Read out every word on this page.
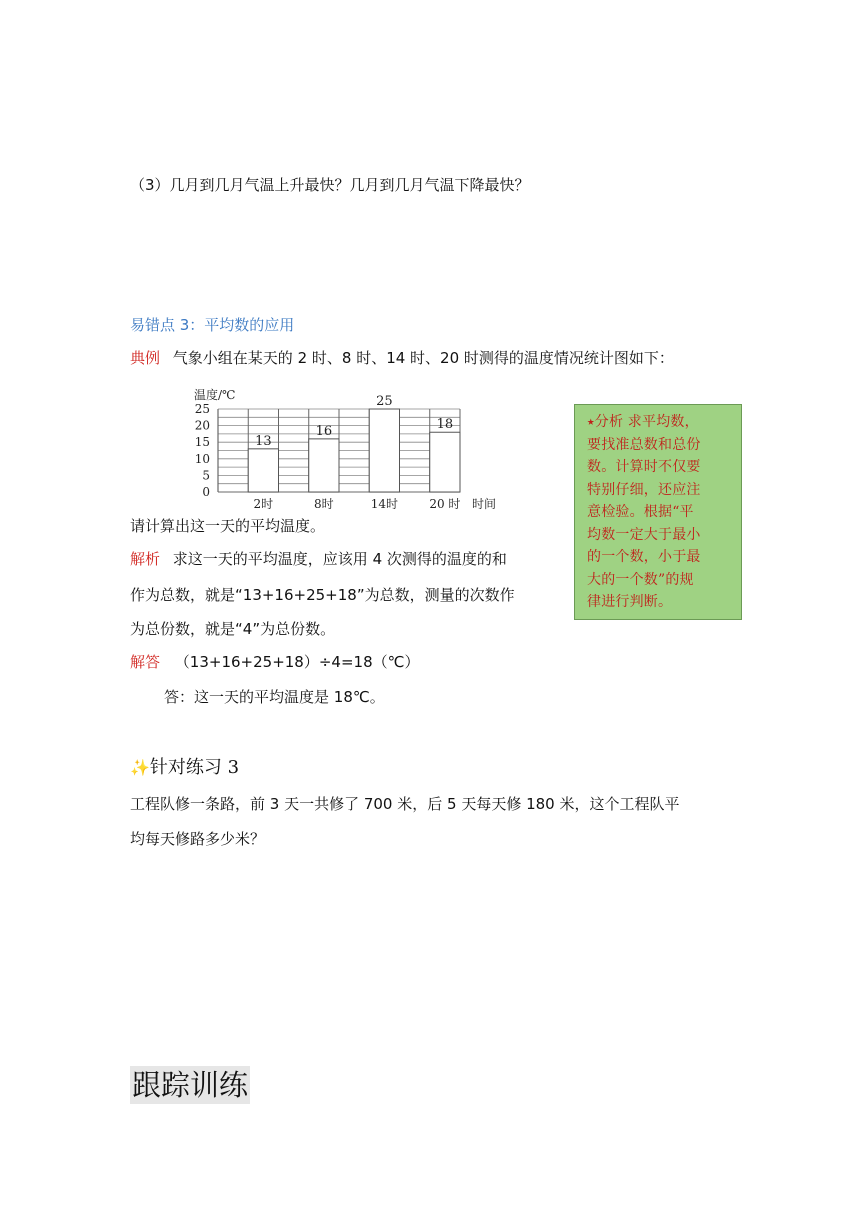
（3）几月到几月气温上升最快？几月到几月气温下降最快？
易错点 3：平均数的应用
典例 气象小组在某天的 2 时、8 时、14 时、20 时测得的温度情况统计图如下：
温度/℃
13
16
25
18
0
5
10
15
20
25
2时	8时	14时	20 时 时间
⭑分析 求平均数，
要找准总数和总份
数。计算时不仅要
特别仔细，还应注
意检验。根据“平
均数一定大于最小
的一个数，小于最
大的一个数”的规
律进行判断。
请计算出这一天的平均温度。
解析 求这一天的平均温度，应该用 4 次测得的温度的和
作为总数，就是“13+16+25+18”为总数，测量的次数作
为总份数，就是“4”为总份数。
解答 （13+16+25+18）÷4=18（℃）
答：这一天的平均温度是 18℃。
✨针对练习 3
工程队修一条路，前 3 天一共修了 700 米，后 5 天每天修 180 米，这个工程队平
均每天修路多少米？
跟踪训练
